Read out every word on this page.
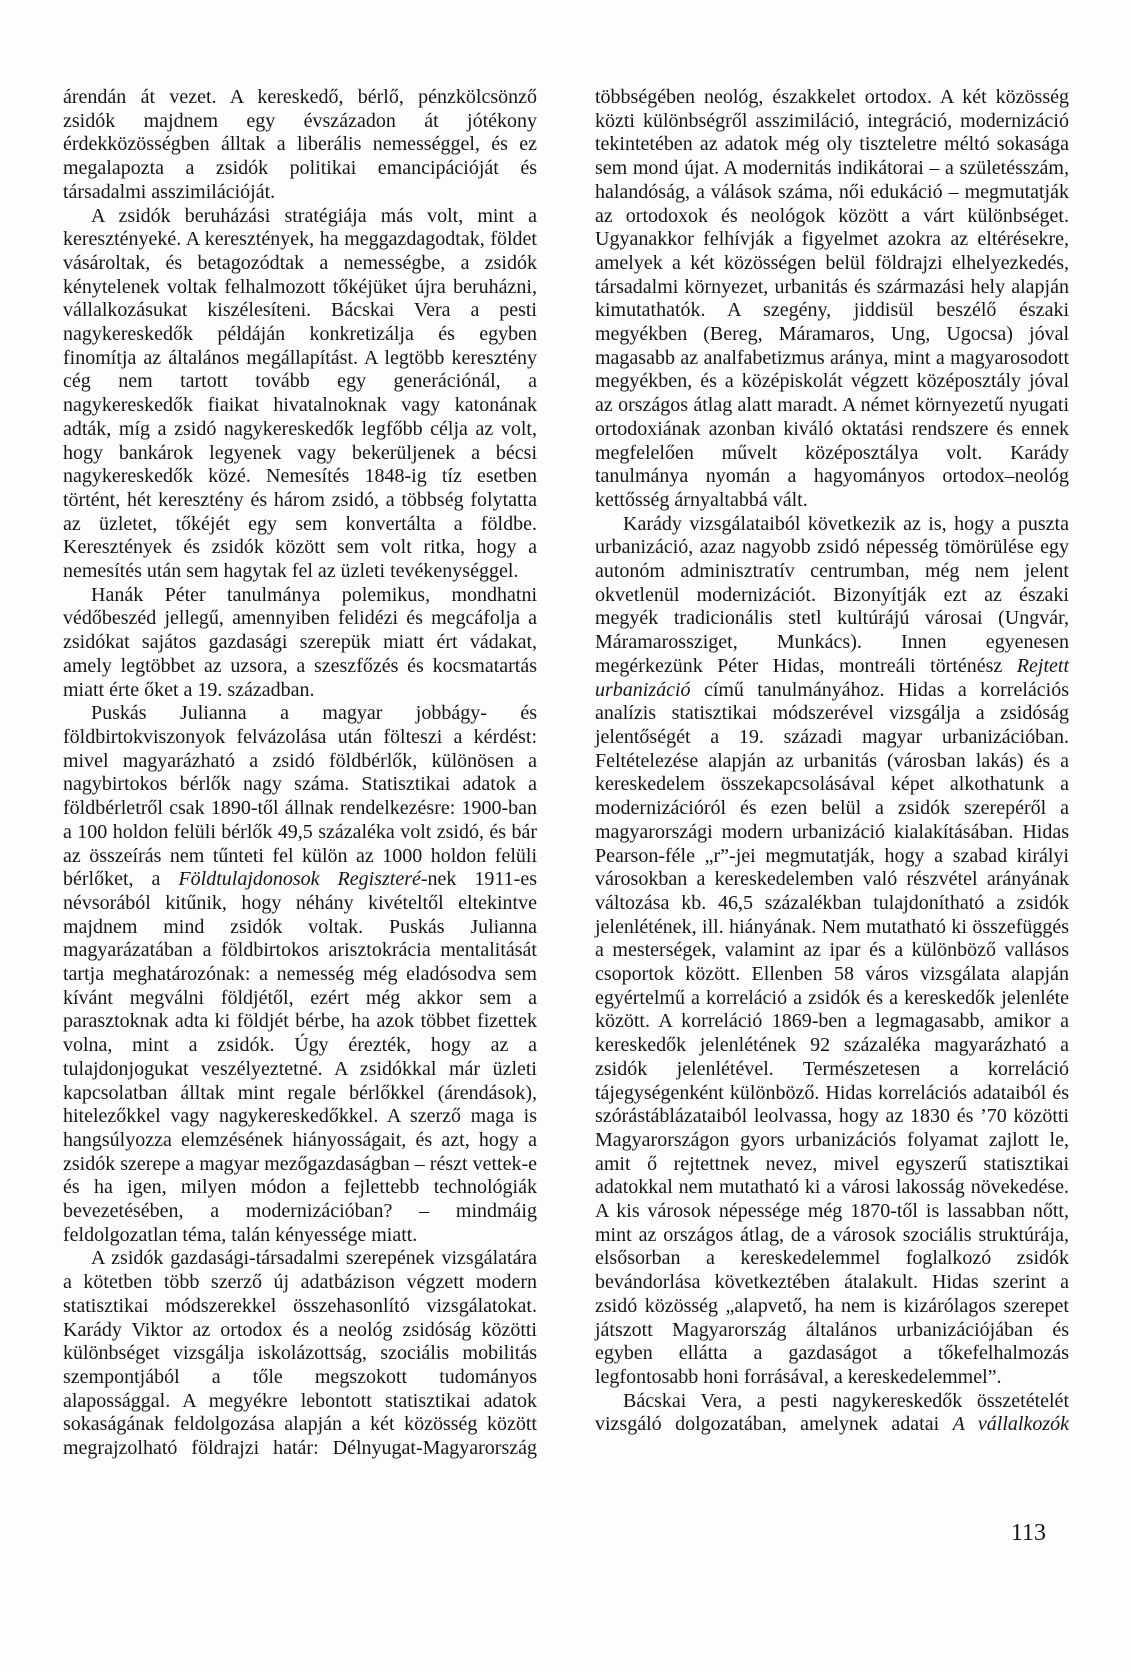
árendán át vezet. A kereskedő, bérlő, pénzkölcsönző zsidók majdnem egy évszázadon át jótékony érdekközösségben álltak a liberális nemességgel, és ez megalapozta a zsidók politikai emancipációját és társadalmi asszimilációját.

A zsidók beruházási stratégiája más volt, mint a keresztényeké. A keresztények, ha meggazdagodtak, földet vásároltak, és betagozódtak a nemességbe, a zsidók kénytelenek voltak felhalmozott tőkéjüket újra beruházni, vállalkozásukat kiszélesíteni. Bácskai Vera a pesti nagykereskedők példáján konkretizálja és egyben finomítja az általános megállapítást. A legtöbb keresztény cég nem tartott tovább egy generációnál, a nagykereskedők fiaikat hivatalnoknak vagy katonának adták, míg a zsidó nagykereskedők legfőbb célja az volt, hogy bankárok legyenek vagy bekerüljenek a bécsi nagykereskedők közé. Nemesítés 1848-ig tíz esetben történt, hét keresztény és három zsidó, a többség folytatta az üzletet, tőkéjét egy sem konvertálta a földbe. Keresztények és zsidók között sem volt ritka, hogy a nemesítés után sem hagytak fel az üzleti tevékenységgel.

Hanák Péter tanulmánya polemikus, mondhatni védőbeszéd jellegű, amennyiben felidézi és megcáfolja a zsidókat sajátos gazdasági szerepük miatt ért vádakat, amely legtöbbet az uzsora, a szeszfőzés és kocsmatartás miatt érte őket a 19. században.

Puskás Julianna a magyar jobbágy- és földbirtokviszonyok felvázolása után fölteszi a kérdést: mivel magyarázható a zsidó földbérlők, különösen a nagybirtokos bérlők nagy száma. Statisztikai adatok a földbérletről csak 1890-től állnak rendelkezésre: 1900-ban a 100 holdon felüli bérlők 49,5 százaléka volt zsidó, és bár az összeírás nem tűnteti fel külön az 1000 holdon felüli bérlőket, a Földtulajdonosok Regiszteré-nek 1911-es névsorából kitűnik, hogy néhány kivételtől eltekintve majdnem mind zsidók voltak. Puskás Julianna magyarázatában a földbirtokos arisztokrácia mentalitását tartja meghatározónak: a nemesség még eladósodva sem kívánt megválni földjétől, ezért még akkor sem a parasztoknak adta ki földjét bérbe, ha azok többet fizettek volna, mint a zsidók. Úgy érezték, hogy az a tulajdonjogukat veszélyeztetné. A zsidókkal már üzleti kapcsolatban álltak mint regale bérlőkkel (árendások), hitelezőkkel vagy nagykereskedőkkel. A szerző maga is hangsúlyozza elemzésének hiányosságait, és azt, hogy a zsidók szerepe a magyar mezőgazdaságban – részt vettek-e és ha igen, milyen módon a fejlettebb technológiák bevezetésében, a modernizációban? – mindmáig feldolgozatlan téma, talán kényessége miatt.

A zsidók gazdasági-társadalmi szerepének vizsgálatára a kötetben több szerző új adatbázison végzett modern statisztikai módszerekkel összehasonlító vizsgálatokat. Karády Viktor az ortodox és a neológ zsidóság közötti különbséget vizsgálja iskolázottság, szociális mobilitás szempontjából a tőle megszokott tudományos alapossággal. A megyékre lebontott statisztikai adatok sokaságának feldolgozása alapján a két közösség között megrajzolható földrajzi határ: Délnyugat-Magyarország

többségében neológ, északkelet ortodox. A két közösség közti különbségről asszimiláció, integráció, modernizáció tekintetében az adatok még oly tiszteletre méltó sokasága sem mond újat. A modernitás indikátorai – a születésszám, halandóság, a válások száma, női edukáció – megmutatják az ortodoxok és neológok között a várt különbséget. Ugyanakkor felhívják a figyelmet azokra az eltérésekre, amelyek a két közösségen belül földrajzi elhelyezkedés, társadalmi környezet, urbanitás és származási hely alapján kimutathatók. A szegény, jiddisül beszélő északi megyékben (Bereg, Máramaros, Ung, Ugocsa) jóval magasabb az analfabetizmus aránya, mint a magyarosodott megyékben, és a középiskolát végzett középosztály jóval az országos átlag alatt maradt. A német környezetű nyugati ortodoxiának azonban kiváló oktatási rendszere és ennek megfelelően művelt középosztálya volt. Karády tanulmánya nyomán a hagyományos ortodox–neológ kettősség árnyaltabbá vált.

Karády vizsgálataiból következik az is, hogy a puszta urbanizáció, azaz nagyobb zsidó népesség tömörülése egy autonóm adminisztratív centrumban, még nem jelent okvetlenül modernizációt. Bizonyítják ezt az északi megyék tradicionális stetl kultúrájú városai (Ungvár, Máramarossziget, Munkács). Innen egyenesen megérkezünk Péter Hidas, montreáli történész Rejtett urbanizáció című tanulmányához. Hidas a korrelációs analízis statisztikai módszerével vizsgálja a zsidóság jelentőségét a 19. századi magyar urbanizációban. Feltételezése alapján az urbanitás (városban lakás) és a kereskedelem összekapcsolásával képet alkothatunk a modernizációról és ezen belül a zsidók szerepéről a magyarországi modern urbanizáció kialakításában. Hidas Pearson-féle „r”-jei megmutatják, hogy a szabad királyi városokban a kereskedelemben való részvétel arányának változása kb. 46,5 százalékban tulajdonítható a zsidók jelenlétének, ill. hiányának. Nem mutatható ki összefüggés a mesterségek, valamint az ipar és a különböző vallásos csoportok között. Ellenben 58 város vizsgálata alapján egyértelmű a korreláció a zsidók és a kereskedők jelenléte között. A korreláció 1869-ben a legmagasabb, amikor a kereskedők jelenlétének 92 százaléka magyarázható a zsidók jelenlétével. Természetesen a korreláció tájegységenként különböző. Hidas korrelációs adataiból és szórástáblázataiból leolvassa, hogy az 1830 és ’70 közötti Magyarországon gyors urbanizációs folyamat zajlott le, amit ő rejtettnek nevez, mivel egyszerű statisztikai adatokkal nem mutatható ki a városi lakosság növekedése. A kis városok népessége még 1870-től is lassabban nőtt, mint az országos átlag, de a városok szociális struktúrája, elsősorban a kereskedelemmel foglalkozó zsidók bevándorlása következtében átalakult. Hidas szerint a zsidó közösség „alapvető, ha nem is kizárólagos szerepet játszott Magyarország általános urbanizációjában és egyben ellátta a gazdaságot a tőkefelhalmozás legfontosabb honi forrásával, a kereskedelemmel”.

Bácskai Vera, a pesti nagykereskedők összetételét vizsgáló dolgozatában, amelynek adatai A vállalkozók

113
